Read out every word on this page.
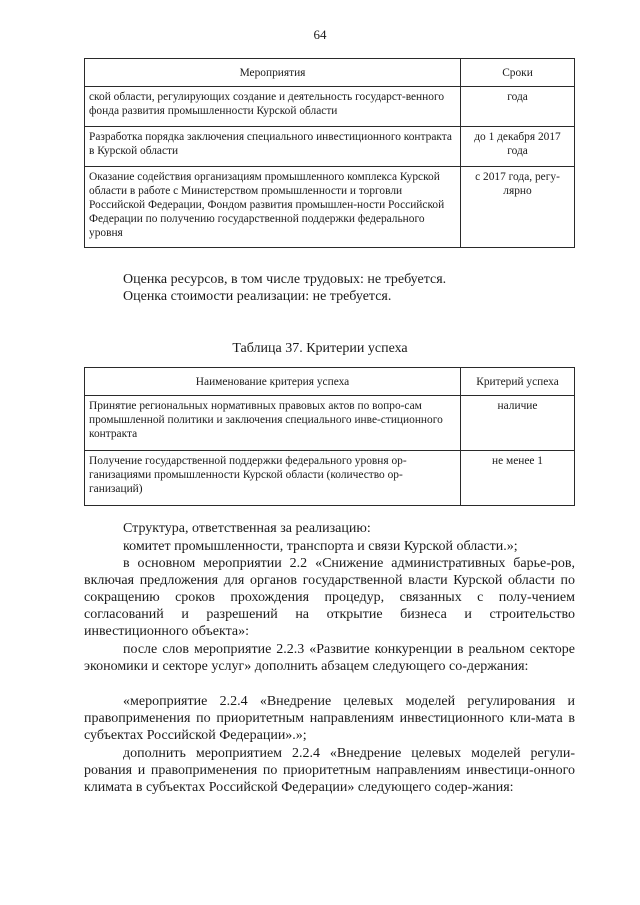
64
Мероприятия	Сроки
ской области, регулирующих создание и деятельность государст-венного фонда развития промышленности Курской области	года
Разработка порядка заключения специального инвестиционного контракта в Курской области	до 1 декабря 2017 года
Оказание содействия организациям промышленного комплекса Курской области в работе с Министерством промышленности и торговли Российской Федерации, Фондом развития промышлен-ности Российской Федерации по получению государственной поддержки федерального уровня	с 2017 года, регу-лярно

Оценка ресурсов, в том числе трудовых: не требуется.

Оценка стоимости реализации: не требуется.

Таблица 37. Критерии успеха
Наименование критерия успеха	Критерий успеха
Принятие региональных нормативных правовых актов по вопро-сам промышленной политики и заключения специального инве-стиционного контракта	наличие
Получение государственной поддержки федерального уровня ор-ганизациями промышленности Курской области (количество ор-ганизаций)	не менее 1

Структура, ответственная за реализацию:

комитет промышленности, транспорта и связи Курской области.»;

в основном мероприятии 2.2 «Снижение административных барье-ров, включая предложения для органов государственной власти Курской области по сокращению сроков прохождения процедур, связанных с полу-чением согласований и разрешений на открытие бизнеса и строительство инвестиционного объекта»:

после слов мероприятие 2.2.3 «Развитие конкуренции в реальном секторе экономики и секторе услуг» дополнить абзацем следующего со-держания:

«мероприятие 2.2.4 «Внедрение целевых моделей регулирования и правоприменения по приоритетным направлениям инвестиционного кли-мата в субъектах Российской Федерации».»;

дополнить мероприятием 2.2.4 «Внедрение целевых моделей регули-рования и правоприменения по приоритетным направлениям инвестици-онного климата в субъектах Российской Федерации» следующего содер-жания:
